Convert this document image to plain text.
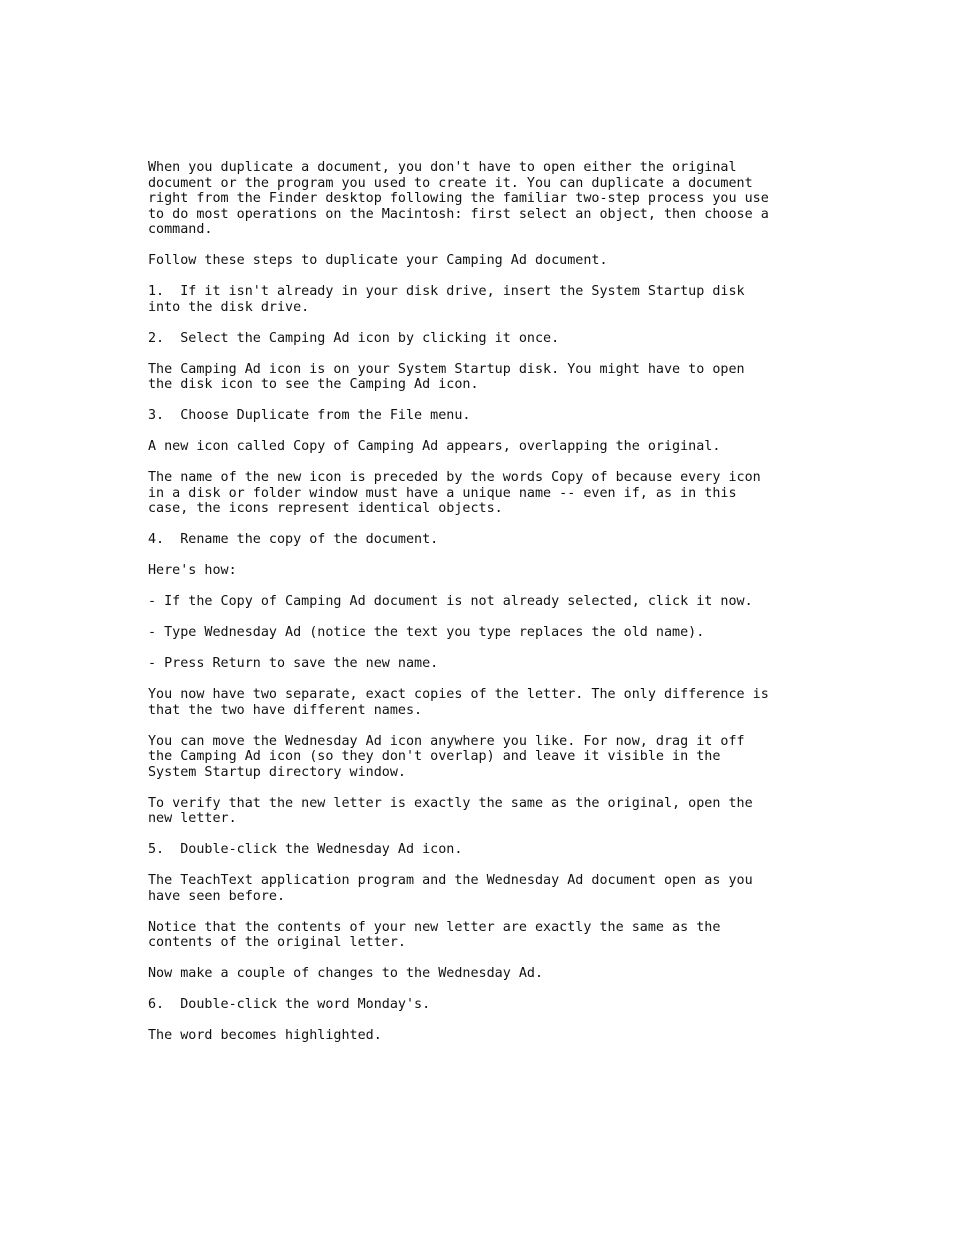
When you duplicate a document, you don't have to open either the original
document or the program you used to create it. You can duplicate a document
right from the Finder desktop following the familiar two-step process you use
to do most operations on the Macintosh: first select an object, then choose a
command.

Follow these steps to duplicate your Camping Ad document.

1.  If it isn't already in your disk drive, insert the System Startup disk
into the disk drive.

2.  Select the Camping Ad icon by clicking it once.

The Camping Ad icon is on your System Startup disk. You might have to open
the disk icon to see the Camping Ad icon.

3.  Choose Duplicate from the File menu.

A new icon called Copy of Camping Ad appears, overlapping the original.

The name of the new icon is preceded by the words Copy of because every icon
in a disk or folder window must have a unique name -- even if, as in this
case, the icons represent identical objects.

4.  Rename the copy of the document.

Here's how:

- If the Copy of Camping Ad document is not already selected, click it now.

- Type Wednesday Ad (notice the text you type replaces the old name).

- Press Return to save the new name.

You now have two separate, exact copies of the letter. The only difference is
that the two have different names.

You can move the Wednesday Ad icon anywhere you like. For now, drag it off
the Camping Ad icon (so they don't overlap) and leave it visible in the
System Startup directory window.

To verify that the new letter is exactly the same as the original, open the
new letter.

5.  Double-click the Wednesday Ad icon.

The TeachText application program and the Wednesday Ad document open as you
have seen before.

Notice that the contents of your new letter are exactly the same as the
contents of the original letter.

Now make a couple of changes to the Wednesday Ad.

6.  Double-click the word Monday's.

The word becomes highlighted.
